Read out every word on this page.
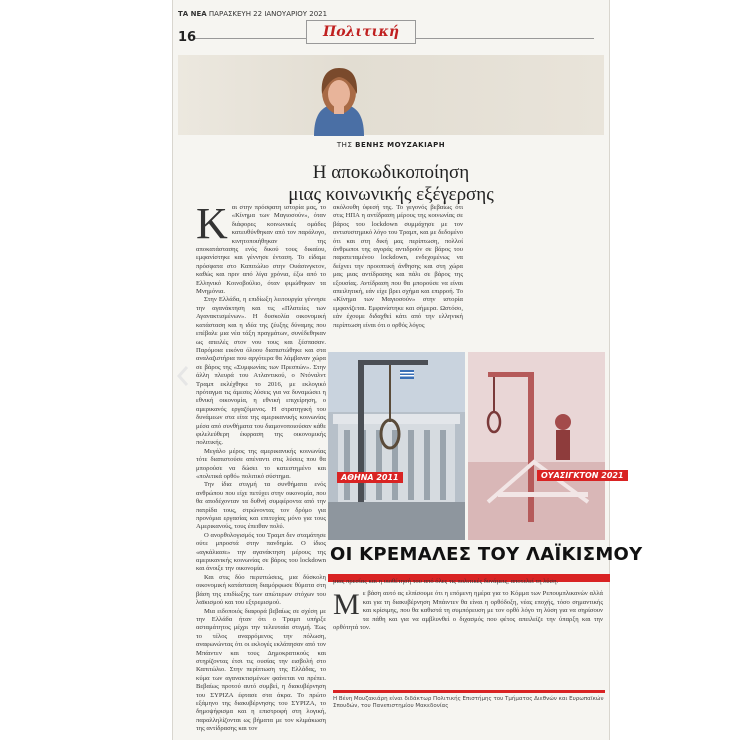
ΤΑ ΝΕΑ ΠΑΡΑΣΚΕΥΗ 22 ΙΑΝΟΥΑΡΙΟΥ 2021
16	Πολιτική
ΤΗΣ ΒΕΝΗΣ ΜΟΥΖΑΚΙΑΡΗ
Η αποκωδικοποίηση
μιας κοινωνικής εξέγερσης

Και στην πρόσφατη ιστορία μας, το «Κίνημα των Μαγιοσούν», όταν διάφορες κοινωνικές ομάδες κατευθύνθηκαν από τον παράλογο, κινητοποιήθηκαν της αποκατάστασης ενός δικού τους δικαίου, εμφανίστηκε και γέννησε ένταση. Το είδαμε πρόσφατα στο Καπιτώλιο στην Ουάσινγκτον, καθώς και πριν από λίγα χρόνια, έξω από το Ελληνικό Κοινοβούλιο, όταν φιμώθηκαν τα Μνημόνια.

Στην Ελλάδα, η επιδίωξη λειτουργία γέννησε την αγανάκτηση και τις «Πλατείες των Αγανακτισμένων». Η δυσκολία οικονομική κατάσταση και η ιδέα της ζέυξης δύναμης που επέβαλε μια νέα τάξη πραγμάτων, συνέδεθηκαν ως απειλές στον νου τους και ξέσπασαν. Παρόμοια εικόνα όλοου διαπιστώθηκε και στα αναλαζιστήρια που αργότερα θα λάμβαναν χώρα σε βάρος της «Συμφωνίας των Πρεσπών». Στην άλλη πλευρά του Ατλαντικού, ο Ντόναλντ Τραμπ εκλέχθηκε το 2016, με εκλογικό πρόταγμα τις άμεσες λύσεις για να δυναμώσει η εθνική οικονομία, η εθνική επιχείρηση, ο αμερικανός εργαζόμενος. Η στρατηγική του δυνάμεων στα είτα της αμερικανικής κοινωνίας μέσα από συνθήματα του διαμονοποιούσαν κάθε φιλελεύθερη έκφραση της οικονομικής πολιτικής.

Μεγάλο μέρος της αμερικανικής κοινωνίας τότε διαπιστούσε απέναντι στις λύσεις που θα μπορούσε να δώσει το κατεστημένο και «πολιτικά ορθό» πολιτικό σύστημα.

Την ίδια στιγμή τα συνθήματα ενός ανθρώπου που είχε πετύχει στην οικονομία, που θα αποδέχονταν τα δυθνή συμφέροντα από την πατρίδα τους, στρώνοντας τον δρόμο για προνόμια εργασίας και επιτυχίας μόνο για τους Αμερικανούς, τους έπειθαν πολύ.

Ο ανορθολογισμός του Τραμπ δεν σταμάτησε ούτε μπροστά στην πανδημία. Ο ίδιος «αγκάλιασε» την αγανάκτηση μέρους της αμερικανικής κοινωνίας σε βάρος του lockdown και άνοιξε την οικονομία.

Και στις δύο περιπτώσεις, μια δύσκολη οικονομική κατάσταση διαμόρφωσε θύματα στη βάση της επιδίωξης των απώτερων στόχων του λαϊκισμού και του εξτρεμισμού.

Μια ειδοποιός διαφορά βεβαίως σε σχέση με την Ελλάδα ήταν ότι ο Τραμπ υπήρξε ασταμάτητος μέχρι την τελευταία στιγμή. Έως το τέλος αναρρόμενος την πόλωση, αναφωνώντας ότι οι εκλογές εκλάπησαν από τον Μπάιντεν και τους Δημοκρατικούς και στηρίζοντας έτσι τις ουσίας την εισβολή στο Καπιτώλιο. Στην περίπτωση της Ελλάδας, το κύμα των αγανακτισμένων φαίνεται να πρέπει. Βεβαίως προτού αυτό συμβεί, η διακυβέρνηση του ΣΥΡΙΖΑ έφτασε στα άκρα. Το πρώτο εξάμηνο της διακυβέρνησης του ΣΥΡΙΖΑ, το δημοψήφισμα και η επιστροφή στη λογική, παραλληλίζονται ως βήματα με τον κλιμάκωση της αντίδρασης και τον

ακόλουθη ύφεσή της. Το γεγονός βεβαίως ότι στις ΗΠΑ η αντίδραση μέρους της κοινωνίας σε βάρος του lockdown συμμάχησε με τον αντισυστημικό λόγο του Τραμπ, και με δεδομένο ότι και στη δική μας περίπτωση, πολλοί άνθρωποι της αγοράς αντιδρούν σε βάρος του παρατεταμένου lockdown, ενδεχομένως να δείχνει την προοπτική άνθησης και στη χώρα μας μιας αντίδρασης και πάλι σε βάρος της εξουσίας. Αντίδραση που θα μπορούσε να είναι απειλητική, εάν είχε βρει σχήμα και επιρροή. Το «Κίνημα των Μαγιοσούν» στην ιστορία εμφανίζεται. Εμφανίστηκε και σήμερα. Ωστόσο, εάν έχουμε διδαχθεί κάτι από την ελληνική περίπτωση είναι ότι ο ορθός λόγος

ΑΘΗΝΑ 2011	ΟΥΑΣΙΓΚΤΟΝ 2021
ΟΙ ΚΡΕΜΑΛΕΣ ΤΟΥ ΛΑΪΚΙΣΜΟΥ

μιας πρεσίας και η υιοθέτησή του από όλες τις πολιτικές δυνάμεις, αποτελεί τη λύση.

Με βάση αυτό ας ελπίσουμε ότι η επόμενη ημέρα για το Κόμμα των Ρεπουμπλικανών αλλά και για τη διακυβέρνηση Μπάιντεν θα είναι η ορθόδοξη, νέας εποχής, τόσο σημαντικής και κρίσιμης, που θα καθιστά τη συμπόρευση με τον ορθό λόγο τη λύση για να σηρίσουν τα πάθη και για να αμβλυνθεί ο διχασμός που φέτος απειλείζε την ύπαρξη και την ορθότητά τον.

Η Βένη Μουζακιάρη είναι διδάκτωρ Πολιτικής Επιστήμης του Τμήματος Διεθνών και Ευρωπαϊκών Σπουδών, του Πανεπιστημίου Μακεδονίας
